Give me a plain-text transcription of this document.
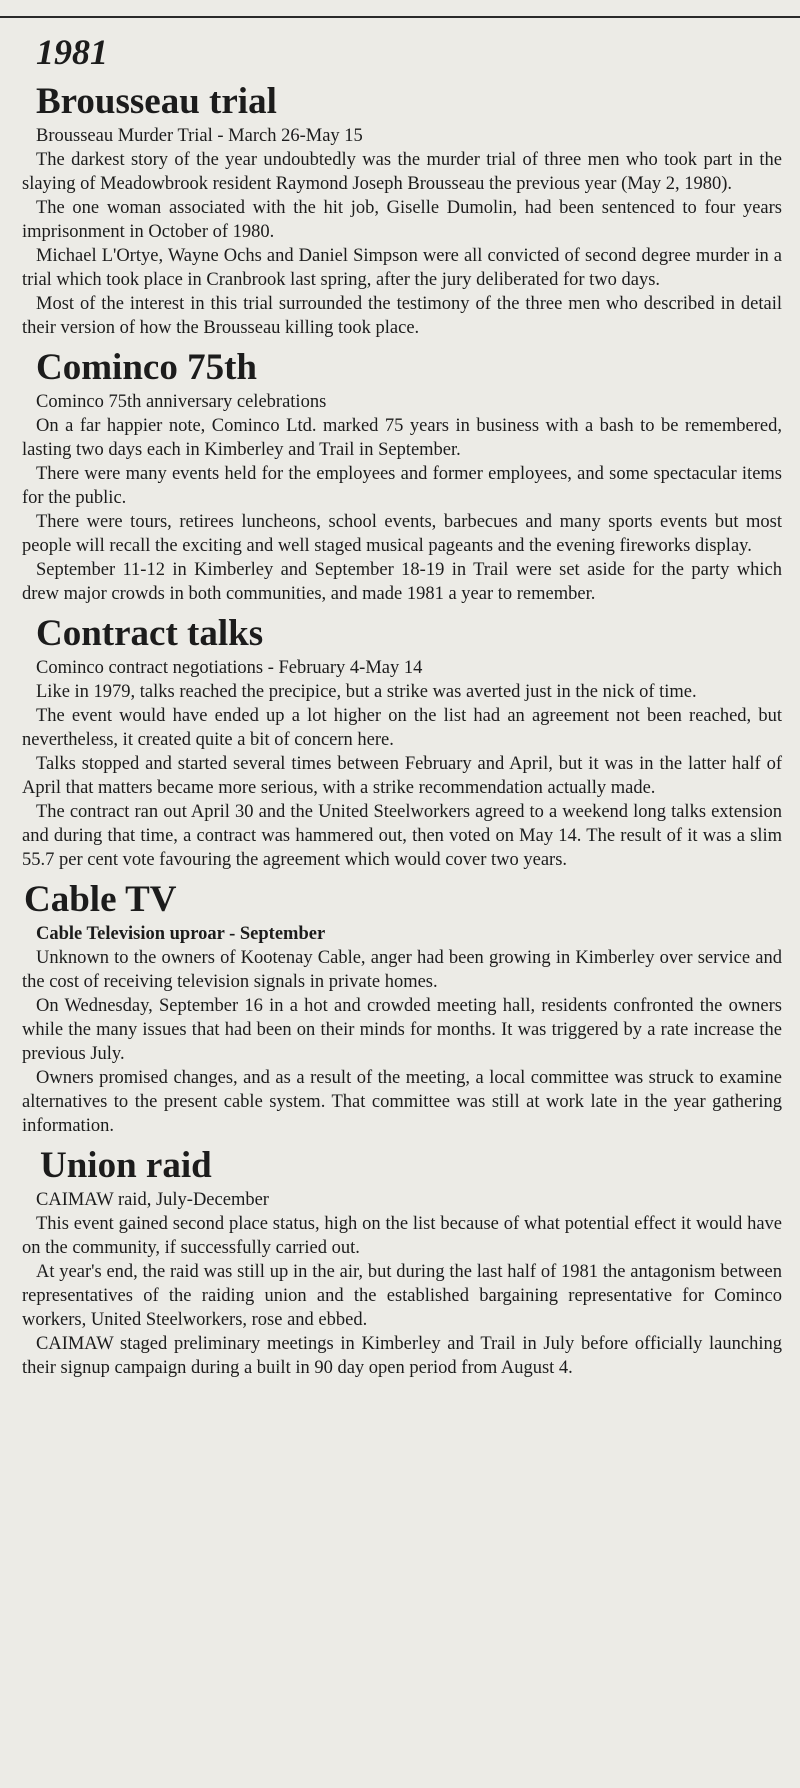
1981
Brousseau trial

Brousseau Murder Trial - March 26-May 15

The darkest story of the year undoubtedly was the murder trial of three men who took part in the slaying of Meadowbrook resident Raymond Joseph Brousseau the previous year (May 2, 1980).

The one woman associated with the hit job, Giselle Dumolin, had been sentenced to four years imprisonment in October of 1980.

Michael L'Ortye, Wayne Ochs and Daniel Simpson were all convicted of second degree murder in a trial which took place in Cranbrook last spring, after the jury deliberated for two days.

Most of the interest in this trial surrounded the testimony of the three men who described in detail their version of how the Brousseau killing took place.

Cominco 75th

Cominco 75th anniversary celebrations

On a far happier note, Cominco Ltd. marked 75 years in business with a bash to be remembered, lasting two days each in Kimberley and Trail in September.

There were many events held for the employees and former employees, and some spectacular items for the public.

There were tours, retirees luncheons, school events, barbecues and many sports events but most people will recall the exciting and well staged musical pageants and the evening fireworks display.

September 11-12 in Kimberley and September 18-19 in Trail were set aside for the party which drew major crowds in both communities, and made 1981 a year to remember.

Contract talks

Cominco contract negotiations - February 4-May 14

Like in 1979, talks reached the precipice, but a strike was averted just in the nick of time.

The event would have ended up a lot higher on the list had an agreement not been reached, but nevertheless, it created quite a bit of concern here.

Talks stopped and started several times between February and April, but it was in the latter half of April that matters became more serious, with a strike recommendation actually made.

The contract ran out April 30 and the United Steelworkers agreed to a weekend long talks extension and during that time, a contract was hammered out, then voted on May 14. The result of it was a slim 55.7 per cent vote favouring the agreement which would cover two years.

Cable TV

Cable Television uproar - September

Unknown to the owners of Kootenay Cable, anger had been growing in Kimberley over service and the cost of receiving television signals in private homes.

On Wednesday, September 16 in a hot and crowded meeting hall, residents confronted the owners while the many issues that had been on their minds for months. It was triggered by a rate increase the previous July.

Owners promised changes, and as a result of the meeting, a local committee was struck to examine alternatives to the present cable system. That committee was still at work late in the year gathering information.

Union raid

CAIMAW raid, July-December

This event gained second place status, high on the list because of what potential effect it would have on the community, if successfully carried out.

At year's end, the raid was still up in the air, but during the last half of 1981 the antagonism between representatives of the raiding union and the established bargaining representative for Cominco workers, United Steelworkers, rose and ebbed.

CAIMAW staged preliminary meetings in Kimberley and Trail in July before officially launching their signup campaign during a built in 90 day open period from August 4.
